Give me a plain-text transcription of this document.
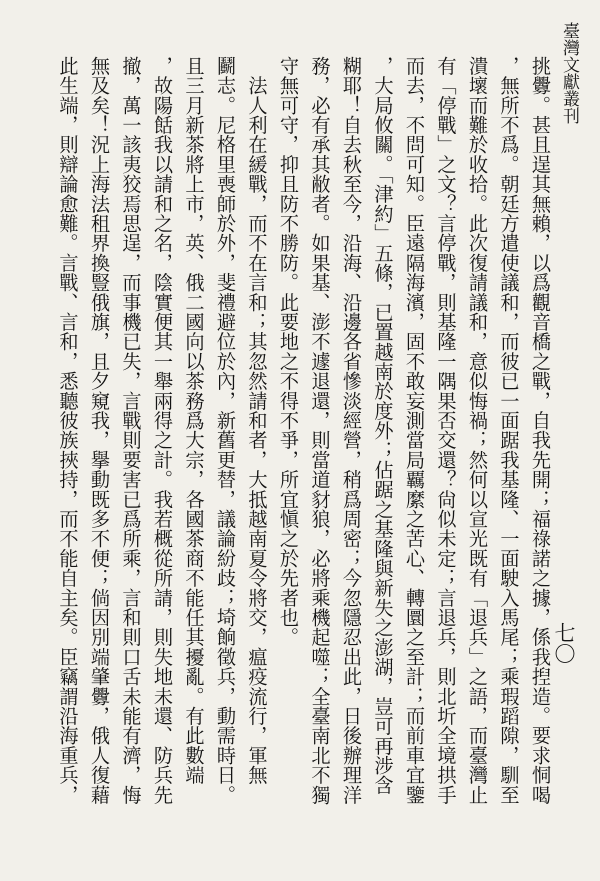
臺灣文獻叢刊
七〇
挑釁。甚且逞其無賴，以爲觀音橋之戰，自我先開；福祿諾之據，係我揑造。要求恫喝
，無所不爲。朝廷方遣使議和，而彼已一面踞我基隆、一面駛入馬尾；乘瑕蹈隙，馴至
潰壞而難於收拾。此次復請議和，意似悔禍；然何以宣光既有「退兵」之語，而臺灣止
有「停戰」之文？言停戰，則基隆一隅果否交還？尙似未定；言退兵，則北圻全境拱手
而去，不問可知。臣遠隔海濱，固不敢妄測當局覊縻之苦心、轉圜之至計；而前車宜鑒
，大局攸關。「津約」五條，已置越南於度外；佔踞之基隆與新失之澎湖，豈可再涉含
糊耶！自去秋至今，沿海、沿邊各省慘淡經營，稍爲周密；今忽隱忍出此，日後辦理洋
務，必有承其敝者。如果基、澎不遽退還，則當道豺狼，必將乘機起噬；全臺南北不獨
守無可守，抑且防不勝防。此要地之不得不爭，所宜愼之於先者也。
　法人利在緩戰，而不在言和；其忽然請和者，大抵越南夏令將交，瘟疫流行，軍無
鬬志。尼格里喪師於外，斐禮避位於內，新舊更替，議論紛歧；埼餉徵兵，動需時日。
且三月新茶將上市，英、俄二國向以茶務爲大宗，各國茶商不能任其擾亂。有此數端
，故陽餂我以請和之名，陰實便其一舉兩得之計。我若概從所請，則失地未還、防兵先
撤，萬一該夷狡焉思逞，而事機已失，言戰則要害已爲所乘，言和則口舌未能有濟，悔
無及矣！況上海法租界換豎俄旗，且夕窺我，擧動既多不便；倘因別端肇釁，俄人復藉
此生端，則辯論愈難。言戰、言和，悉聽彼族挾持，而不能自主矣。臣竊謂沿海重兵，
